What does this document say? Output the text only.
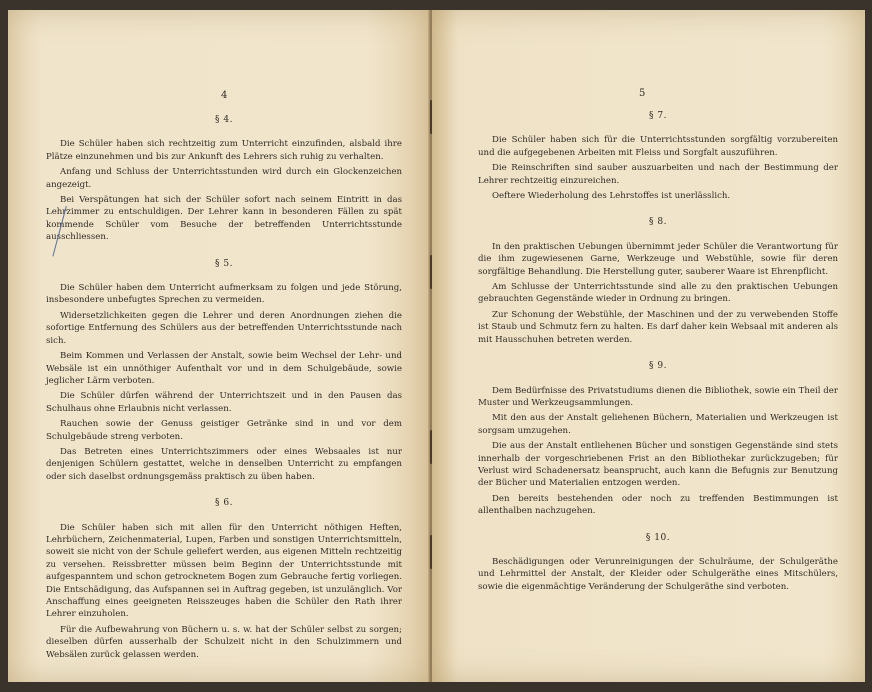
4
§ 4.

Die Schüler haben sich rechtzeitig zum Unterricht einzufinden, alsbald ihre Plätze einzunehmen und bis zur Ankunft des Lehrers sich ruhig zu verhalten.

Anfang und Schluss der Unterrichtsstunden wird durch ein Glockenzeichen angezeigt.

Bei Verspätungen hat sich der Schüler sofort nach seinem Eintritt in das Lehrzimmer zu entschuldigen. Der Lehrer kann in besonderen Fällen zu spät kommende Schüler vom Besuche der betreffenden Unterrichtsstunde ausschliessen.

§ 5.

Die Schüler haben dem Unterricht aufmerksam zu folgen und jede Störung, insbesondere unbefugtes Sprechen zu vermeiden.

Widersetzlichkeiten gegen die Lehrer und deren Anordnungen ziehen die sofortige Entfernung des Schülers aus der betreffenden Unterrichtsstunde nach sich.

Beim Kommen und Verlassen der Anstalt, sowie beim Wechsel der Lehr- und Websäle ist ein unnöthiger Aufenthalt vor und in dem Schulgebäude, sowie jeglicher Lärm verboten.

Die Schüler dürfen während der Unterrichtszeit und in den Pausen das Schulhaus ohne Erlaubnis nicht verlassen.

Rauchen sowie der Genuss geistiger Getränke sind in und vor dem Schulgebäude streng verboten.

Das Betreten eines Unterrichtszimmers oder eines Websaales ist nur denjenigen Schülern gestattet, welche in denselben Unterricht zu empfangen oder sich daselbst ordnungsgemäss praktisch zu üben haben.

§ 6.

Die Schüler haben sich mit allen für den Unterricht nöthigen Heften, Lehrbüchern, Zeichenmaterial, Lupen, Farben und sonstigen Unterrichtsmitteln, soweit sie nicht von der Schule geliefert werden, aus eigenen Mitteln rechtzeitig zu versehen. Reissbretter müssen beim Beginn der Unterrichtsstunde mit aufgespanntem und schon getrocknetem Bogen zum Gebrauche fertig vorliegen. Die Entschädigung, das Aufspannen sei in Auftrag gegeben, ist unzulänglich. Vor Anschaffung eines geeigneten Reisszeuges haben die Schüler den Rath ihrer Lehrer einzuholen.

Für die Aufbewahrung von Büchern u. s. w. hat der Schüler selbst zu sorgen; dieselben dürfen ausserhalb der Schulzeit nicht in den Schulzimmern und Websälen zurück gelassen werden.

5
§ 7.

Die Schüler haben sich für die Unterrichtsstunden sorgfältig vorzubereiten und die aufgegebenen Arbeiten mit Fleiss und Sorgfalt auszuführen.

Die Reinschriften sind sauber auszuarbeiten und nach der Bestimmung der Lehrer rechtzeitig einzureichen.

Oeftere Wiederholung des Lehrstoffes ist unerlässlich.

§ 8.

In den praktischen Uebungen übernimmt jeder Schüler die Verantwortung für die ihm zugewiesenen Garne, Werkzeuge und Webstühle, sowie für deren sorgfältige Behandlung. Die Herstellung guter, sauberer Waare ist Ehrenpflicht.

Am Schlusse der Unterrichtsstunde sind alle zu den praktischen Uebungen gebrauchten Gegenstände wieder in Ordnung zu bringen.

Zur Schonung der Webstühle, der Maschinen und der zu verwebenden Stoffe ist Staub und Schmutz fern zu halten. Es darf daher kein Websaal mit anderen als mit Hausschuhen betreten werden.

§ 9.

Dem Bedürfnisse des Privatstudiums dienen die Bibliothek, sowie ein Theil der Muster und Werkzeugsammlungen.

Mit den aus der Anstalt geliehenen Büchern, Materialien und Werkzeugen ist sorgsam umzugehen.

Die aus der Anstalt entliehenen Bücher und sonstigen Gegenstände sind stets innerhalb der vorgeschriebenen Frist an den Bibliothekar zurückzugeben; für Verlust wird Schadenersatz beansprucht, auch kann die Befugnis zur Benutzung der Bücher und Materialien entzogen werden.

Den bereits bestehenden oder noch zu treffenden Bestimmungen ist allenthalben nachzugehen.

§ 10.

Beschädigungen oder Verunreinigungen der Schulräume, der Schulgeräthe und Lehrmittel der Anstalt, der Kleider oder Schulgeräthe eines Mitschülers, sowie die eigenmächtige Veränderung der Schulgeräthe sind verboten.
